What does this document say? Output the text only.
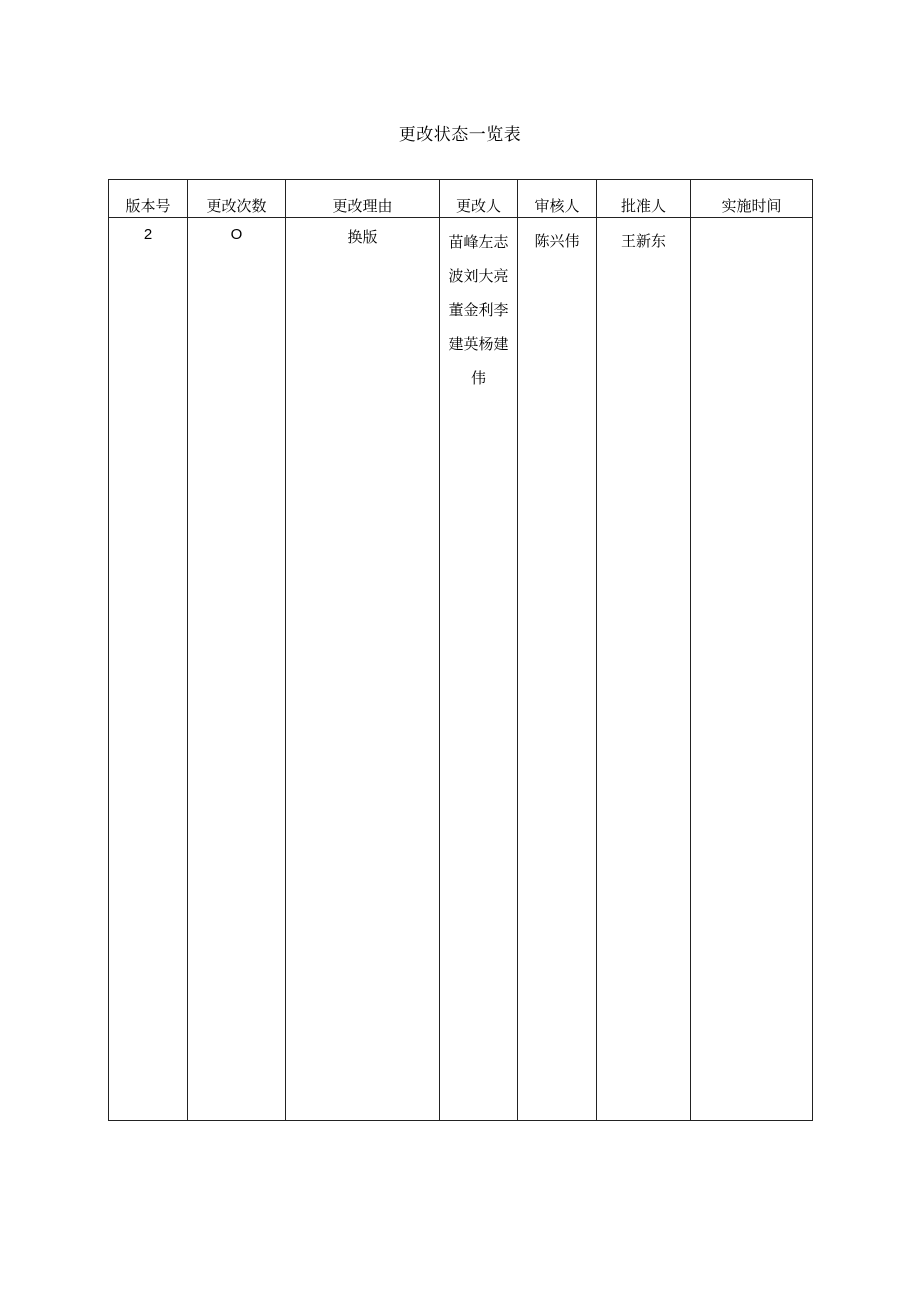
更改状态一览表
版本号	更改次数	更改理由	更改人	审核人	批准人	实施时间

2	O	换版	苗峰左志波刘大亮董金利李建英杨建伟	陈兴伟	王新东	
